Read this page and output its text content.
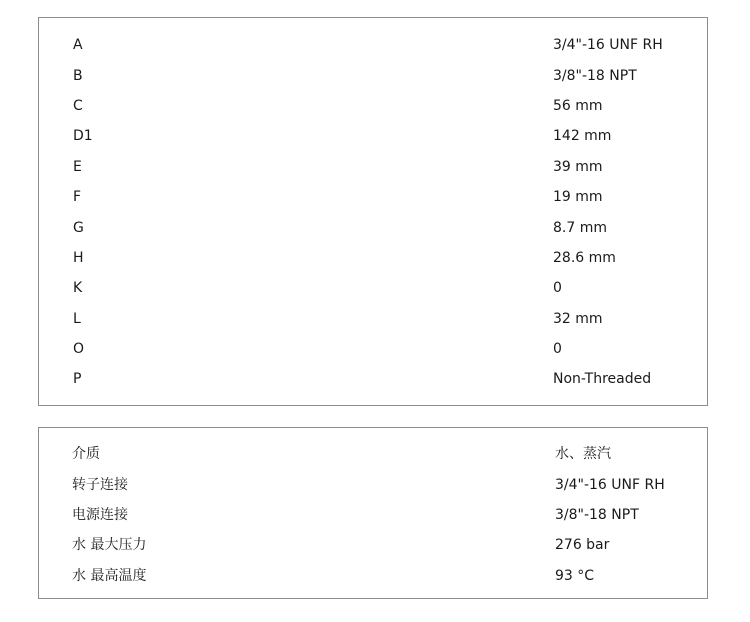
A	3/4"-16 UNF RH
B	3/8"-18 NPT
C	56 mm
D1	142 mm
E	39 mm
F	19 mm
G	8.7 mm
H	28.6 mm
K	0
L	32 mm
O	0
P	Non-Threaded
介质	水、蒸汽
转子连接	3/4"-16 UNF RH
电源连接	3/8"-18 NPT
水 最大压力	276 bar
水 最高温度	93 °C
